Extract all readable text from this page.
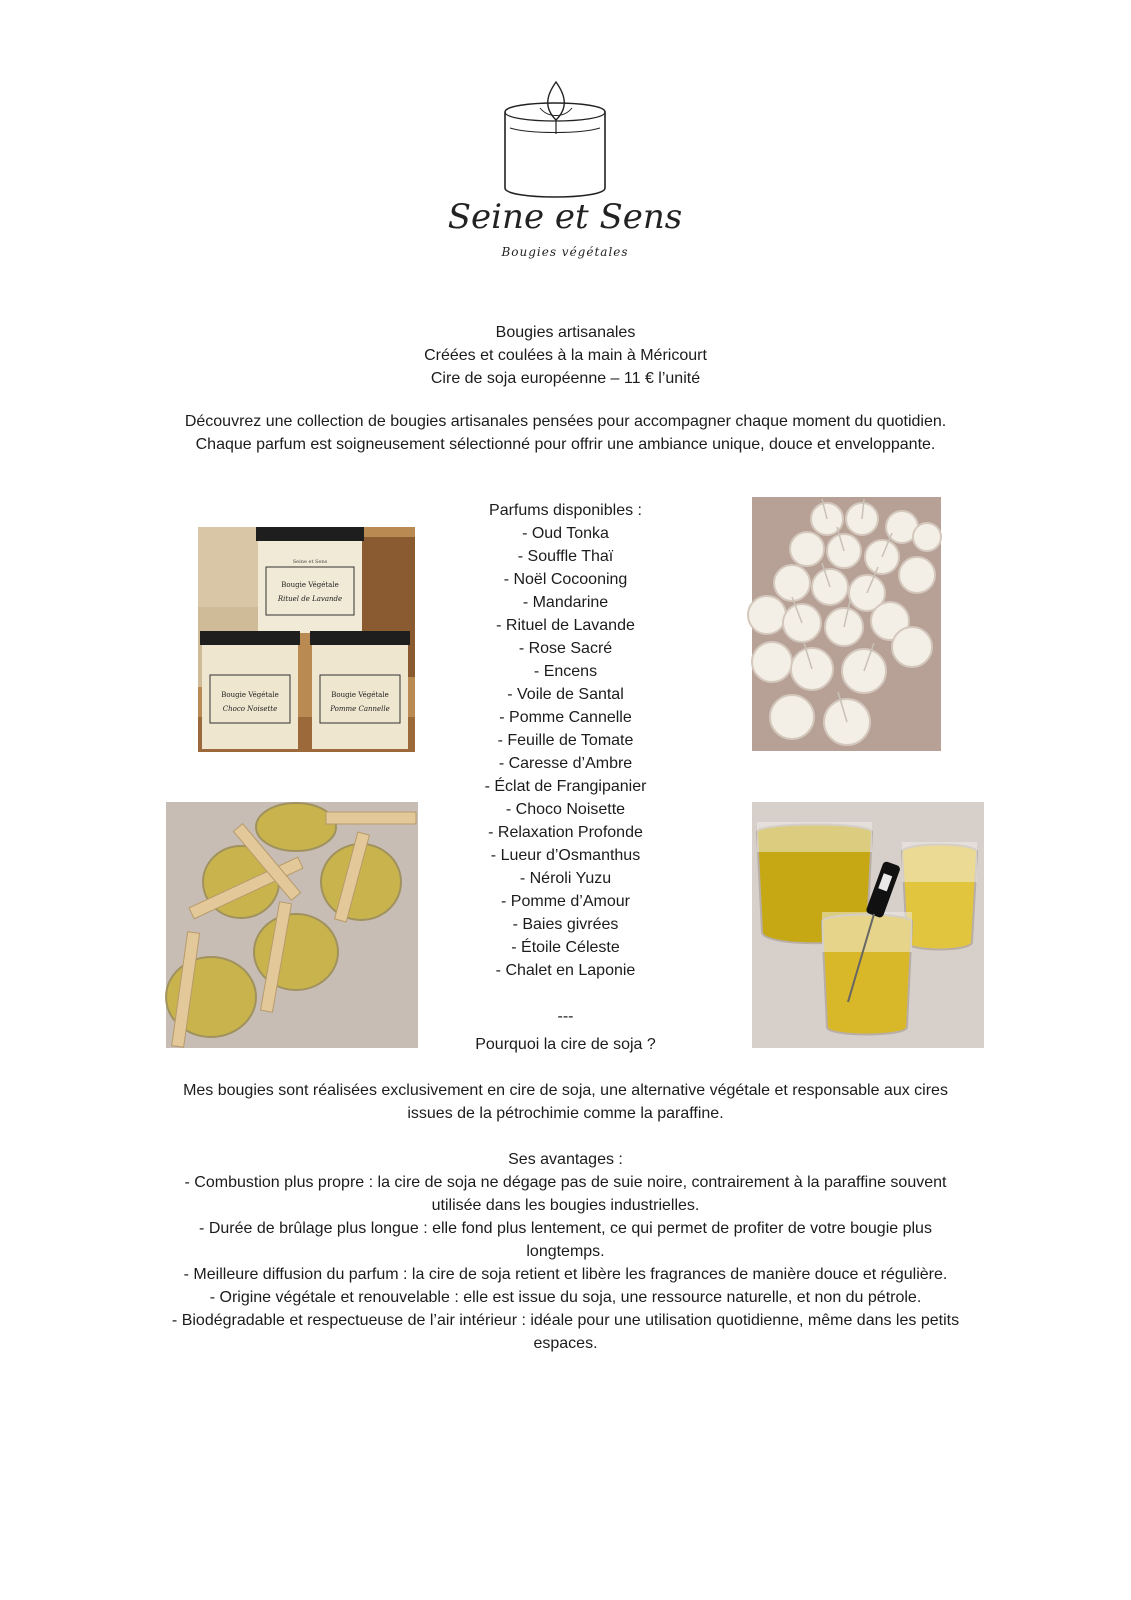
Seine et Sens
Bougies végétales

Bougies artisanales

Créées et coulées à la main à Méricourt

Cire de soja européenne – 11 € l’unité

Découvrez une collection de bougies artisanales pensées pour accompagner chaque moment du quotidien. Chaque parfum est soigneusement sélectionné pour offrir une ambiance unique, douce et enveloppante.

Parfums disponibles :

- Oud Tonka
- Souffle Thaï
- Noël Cocooning
- Mandarine
- Rituel de Lavande
- Rose Sacré
- Encens
- Voile de Santal
- Pomme Cannelle
- Feuille de Tomate
- Caresse d’Ambre
- Éclat de Frangipanier
- Choco Noisette
- Relaxation Profonde
- Lueur d’Osmanthus
- Néroli Yuzu
- Pomme d’Amour
- Baies givrées
- Étoile Céleste
- Chalet en Laponie

---

Seine et Sens
Bougie Végétale
Rituel de Lavande
Bougie Végétale
Choco Noisette
Bougie Végétale
Pomme Cannelle

Pourquoi la cire de soja ?

Mes bougies sont réalisées exclusivement en cire de soja, une alternative végétale et responsable aux cires issues de la pétrochimie comme la paraffine.

Ses avantages :

- Combustion plus propre : la cire de soja ne dégage pas de suie noire, contrairement à la paraffine souvent utilisée dans les bougies industrielles.
- Durée de brûlage plus longue : elle fond plus lentement, ce qui permet de profiter de votre bougie plus longtemps.
- Meilleure diffusion du parfum : la cire de soja retient et libère les fragrances de manière douce et régulière.
- Origine végétale et renouvelable : elle est issue du soja, une ressource naturelle, et non du pétrole.
- Biodégradable et respectueuse de l’air intérieur : idéale pour une utilisation quotidienne, même dans les petits espaces.
